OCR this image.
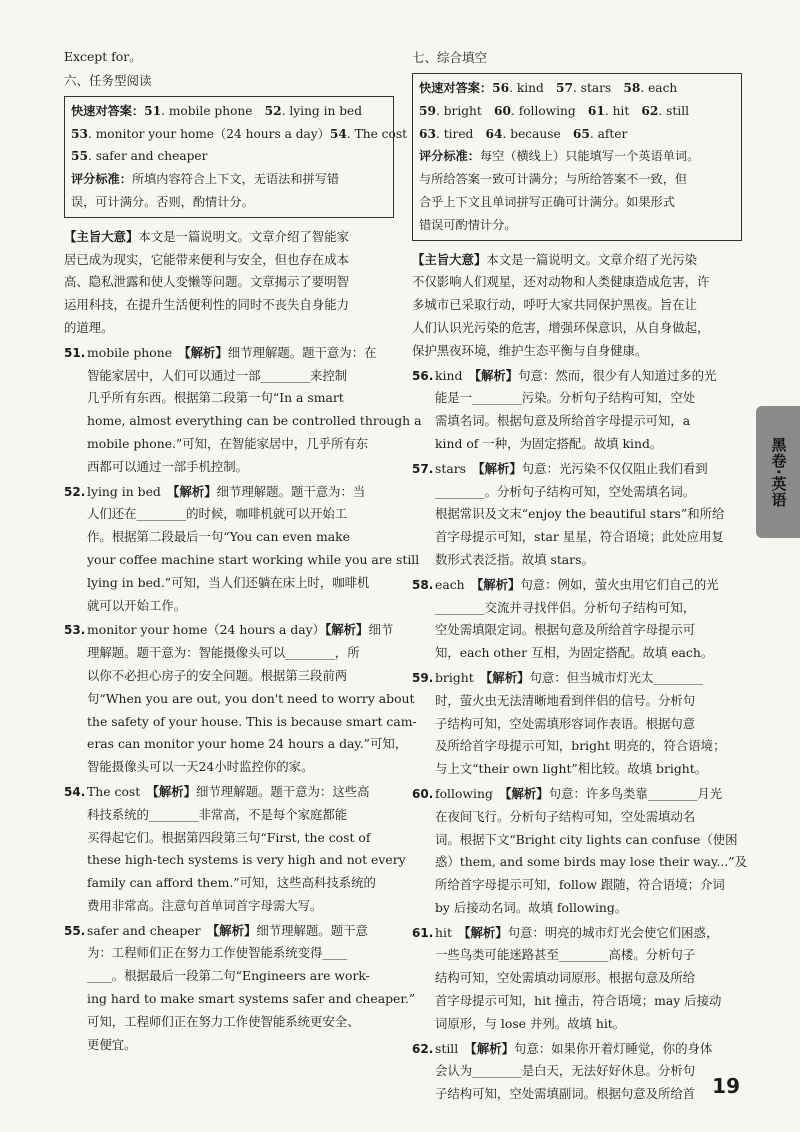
Except for。
六、任务型阅读
快速对答案：51. mobile phone　52. lying in bed
53. monitor your home（24 hours a day）54. The cost
55. safer and cheaper
评分标准：所填内容符合上下文，无语法和拼写错
误，可计满分。否则，酌情计分。
【主旨大意】本文是一篇说明文。文章介绍了智能家
居已成为现实，它能带来便利与安全，但也存在成本
高、隐私泄露和使人变懒等问题。文章揭示了要明智
运用科技，在提升生活便利性的同时不丧失自身能力
的道理。
51. mobile phone　【解析】细节理解题。题干意为：在
智能家居中，人们可以通过一部________来控制
几乎所有东西。根据第二段第一句“In a smart
home, almost everything can be controlled through a
mobile phone.”可知，在智能家居中，几乎所有东
西都可以通过一部手机控制。
52. lying in bed　【解析】细节理解题。题干意为：当
人们还在________的时候，咖啡机就可以开始工
作。根据第二段最后一句“You can even make
your coffee machine start working while you are still
lying in bed.”可知，当人们还躺在床上时，咖啡机
就可以开始工作。
53. monitor your home（24 hours a day）【解析】细节
理解题。题干意为：智能摄像头可以________，所
以你不必担心房子的安全问题。根据第三段前两
句“When you are out, you don't need to worry about
the safety of your house. This is because smart cam-
eras can monitor your home 24 hours a day.”可知，
智能摄像头可以一天24小时监控你的家。
54. The cost　【解析】细节理解题。题干意为：这些高
科技系统的________非常高，不是每个家庭都能
买得起它们。根据第四段第三句“First, the cost of
these high-tech systems is very high and not every
family can afford them.”可知，这些高科技系统的
费用非常高。注意句首单词首字母需大写。
55. safer and cheaper　【解析】细节理解题。题干意
为：工程师们正在努力工作使智能系统变得____
____。根据最后一段第二句“Engineers are work-
ing hard to make smart systems safer and cheaper.”
可知，工程师们正在努力工作使智能系统更安全、
更便宜。
七、综合填空
快速对答案：56. kind　57. stars　58. each
59. bright　60. following　61. hit　62. still
63. tired　64. because　65. after
评分标准：每空（横线上）只能填写一个英语单词。
与所给答案一致可计满分；与所给答案不一致，但
合乎上下文且单词拼写正确可计满分。如果形式
错误可酌情计分。
【主旨大意】本文是一篇说明文。文章介绍了光污染
不仅影响人们观星，还对动物和人类健康造成危害，许
多城市已采取行动，呼吁大家共同保护黑夜。旨在让
人们认识光污染的危害，增强环保意识，从自身做起，
保护黑夜环境，维护生态平衡与自身健康。
56. kind　【解析】句意：然而，很少有人知道过多的光
能是一________污染。分析句子结构可知，空处
需填名词。根据句意及所给首字母提示可知，a
kind of 一种，为固定搭配。故填 kind。
57. stars　【解析】句意：光污染不仅仅阻止我们看到
________。分析句子结构可知，空处需填名词。
根据常识及文末“enjoy the beautiful stars”和所给
首字母提示可知，star 星星，符合语境；此处应用复
数形式表泛指。故填 stars。
58. each　【解析】句意：例如，萤火虫用它们自己的光
________交流并寻找伴侣。分析句子结构可知，
空处需填限定词。根据句意及所给首字母提示可
知，each other 互相，为固定搭配。故填 each。
59. bright　【解析】句意：但当城市灯光太________
时，萤火虫无法清晰地看到伴侣的信号。分析句
子结构可知，空处需填形容词作表语。根据句意
及所给首字母提示可知，bright 明亮的，符合语境；
与上文“their own light”相比较。故填 bright。
60. following　【解析】句意：许多鸟类靠________月光
在夜间飞行。分析句子结构可知，空处需填动名
词。根据下文“Bright city lights can confuse（使困
惑）them, and some birds may lose their way...”及
所给首字母提示可知，follow 跟随，符合语境；介词
by 后接动名词。故填 following。
61. hit　【解析】句意：明亮的城市灯光会使它们困惑，
一些鸟类可能迷路甚至________高楼。分析句子
结构可知，空处需填动词原形。根据句意及所给
首字母提示可知，hit 撞击，符合语境；may 后接动
词原形，与 lose 并列。故填 hit。
62. still　【解析】句意：如果你开着灯睡觉，你的身体
会认为________是白天，无法好好休息。分析句
子结构可知，空处需填副词。根据句意及所给首
黑卷·英语
19
